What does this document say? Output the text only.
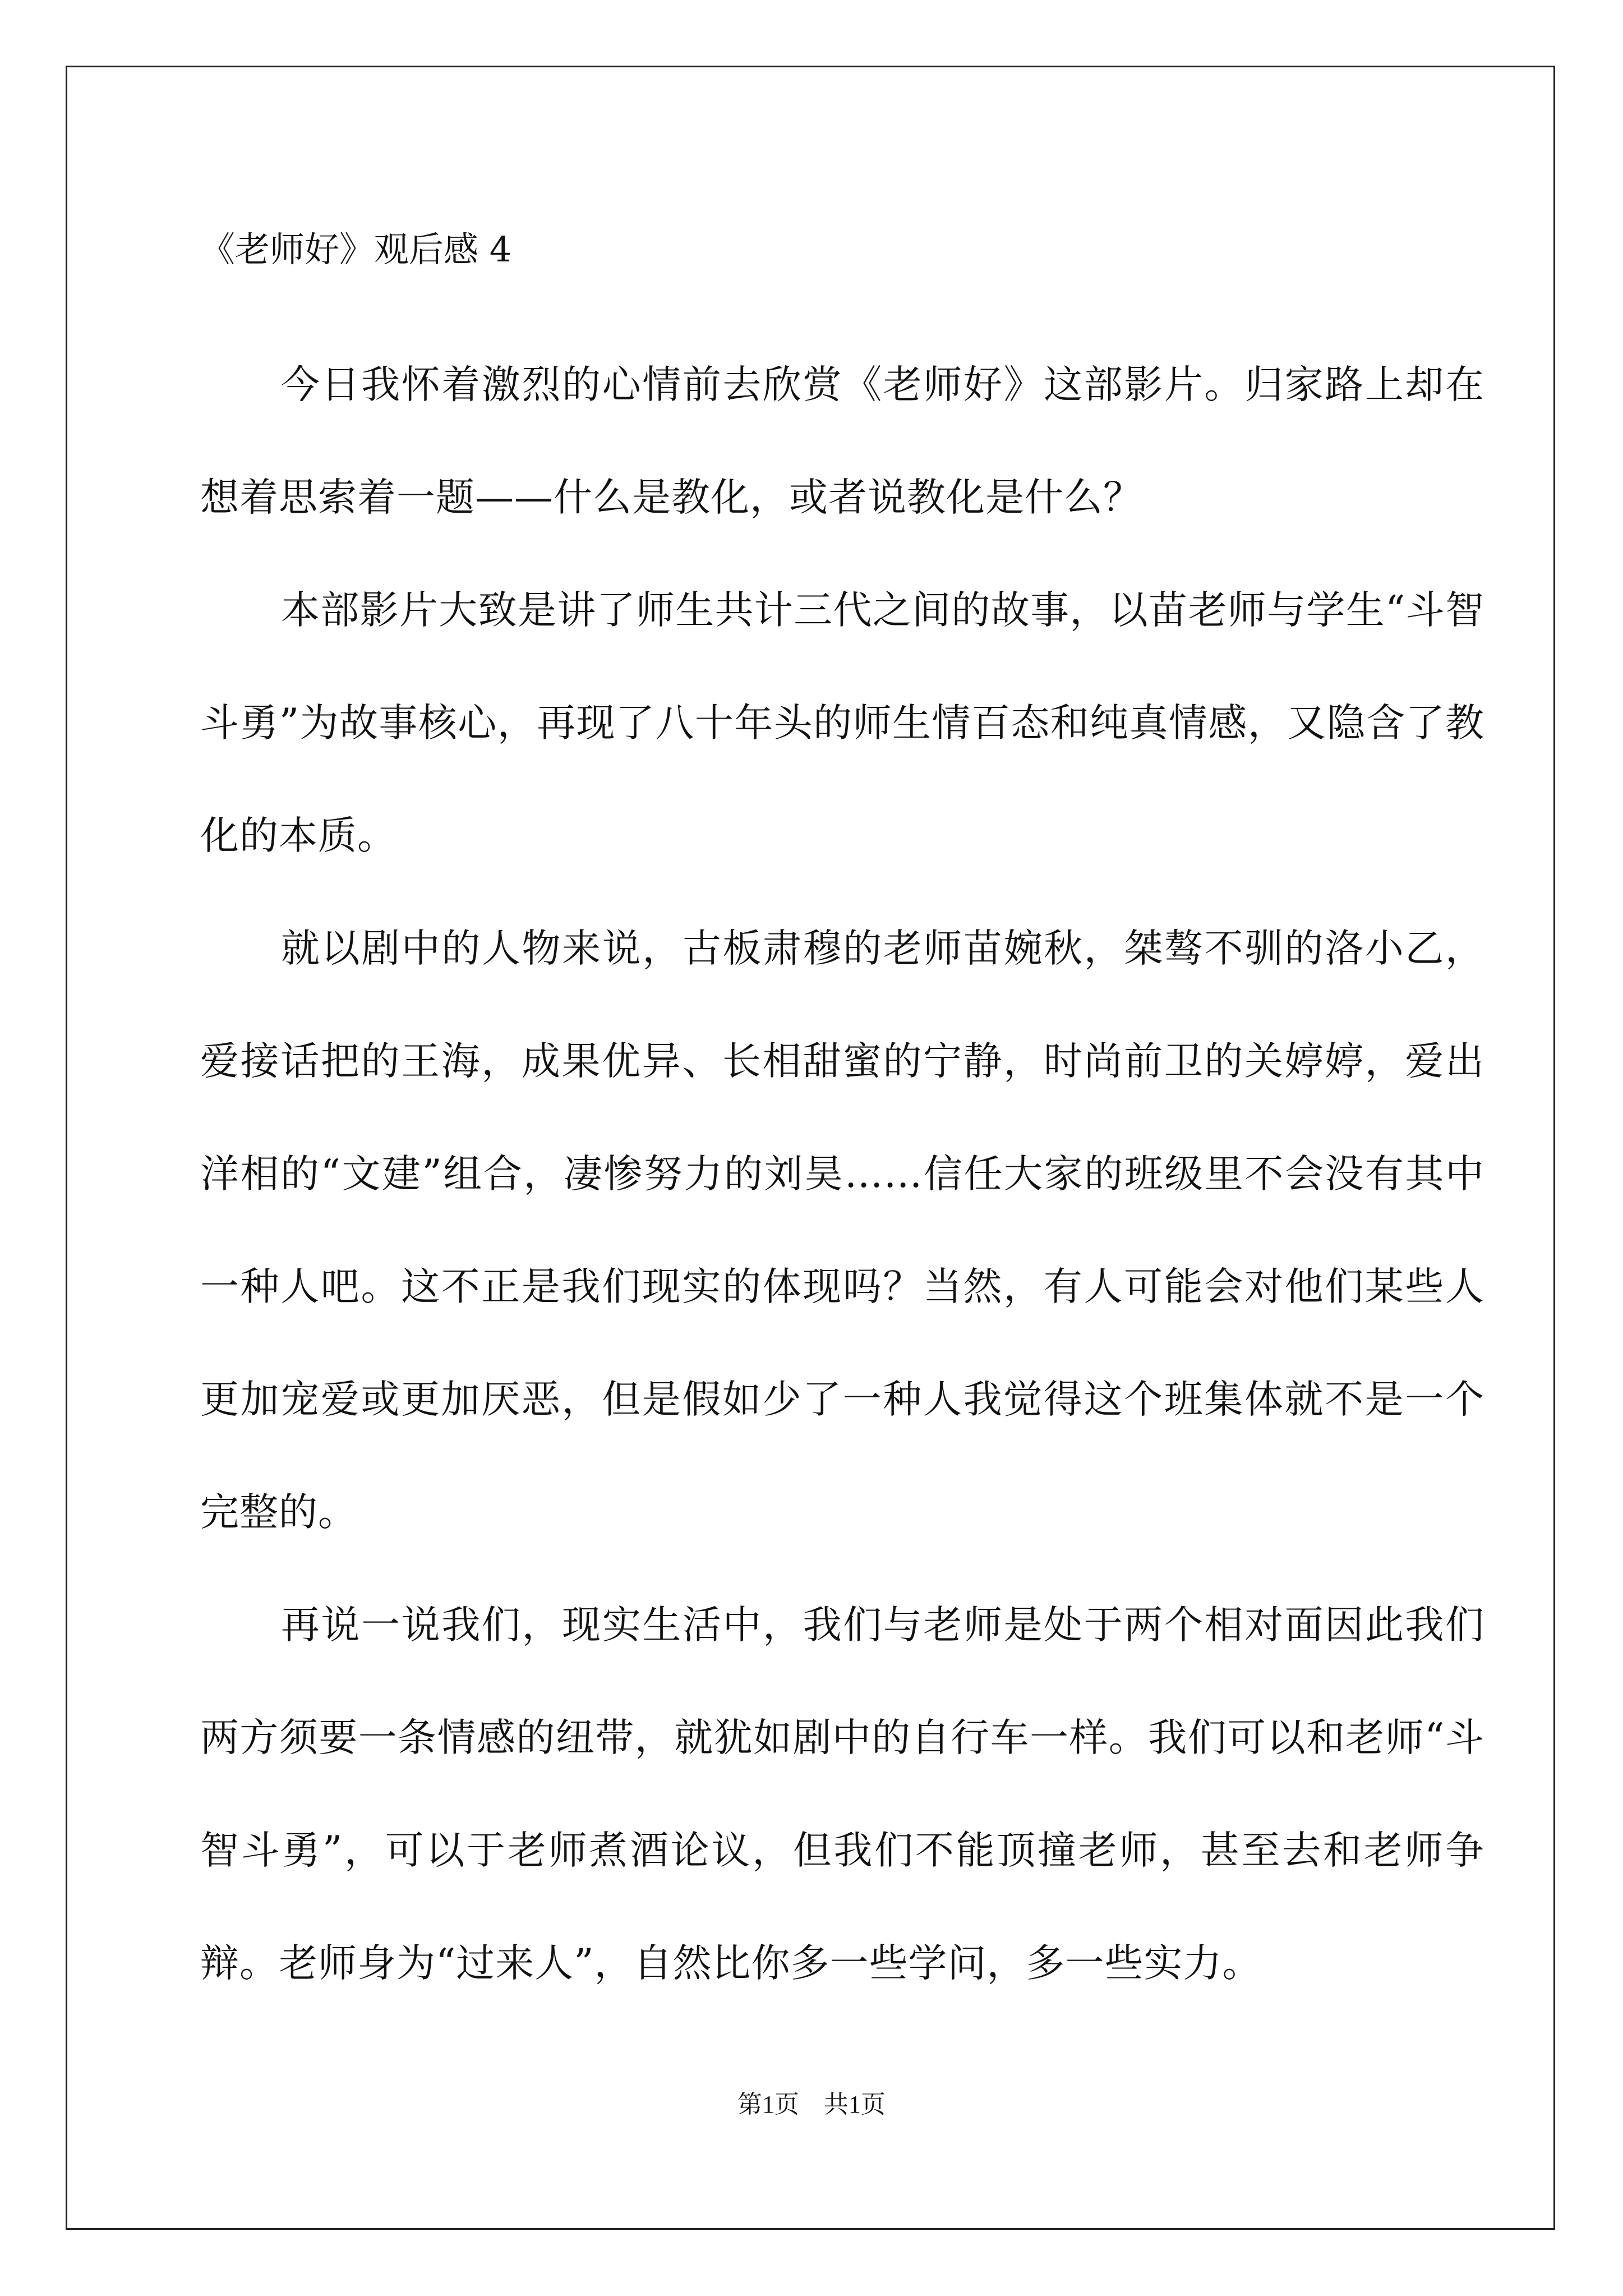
《老师好》观后感 4

今日我怀着激烈的心情前去欣赏《老师好》这部影片。归家路上却在想着思索着一题——什么是教化，或者说教化是什么？

本部影片大致是讲了师生共计三代之间的故事，以苗老师与学生“斗智斗勇”为故事核心，再现了八十年头的师生情百态和纯真情感，又隐含了教化的本质。

就以剧中的人物来说，古板肃穆的老师苗婉秋，桀骜不驯的洛小乙，爱接话把的王海，成果优异、长相甜蜜的宁静，时尚前卫的关婷婷，爱出洋相的“文建”组合，凄惨努力的刘昊……信任大家的班级里不会没有其中一种人吧。这不正是我们现实的体现吗？当然，有人可能会对他们某些人更加宠爱或更加厌恶，但是假如少了一种人我觉得这个班集体就不是一个完整的。

再说一说我们，现实生活中，我们与老师是处于两个相对面因此我们两方须要一条情感的纽带，就犹如剧中的自行车一样。我们可以和老师“斗智斗勇”，可以于老师煮酒论议，但我们不能顶撞老师，甚至去和老师争辩。老师身为“过来人”，自然比你多一些学问，多一些实力。

第1页　共1页
